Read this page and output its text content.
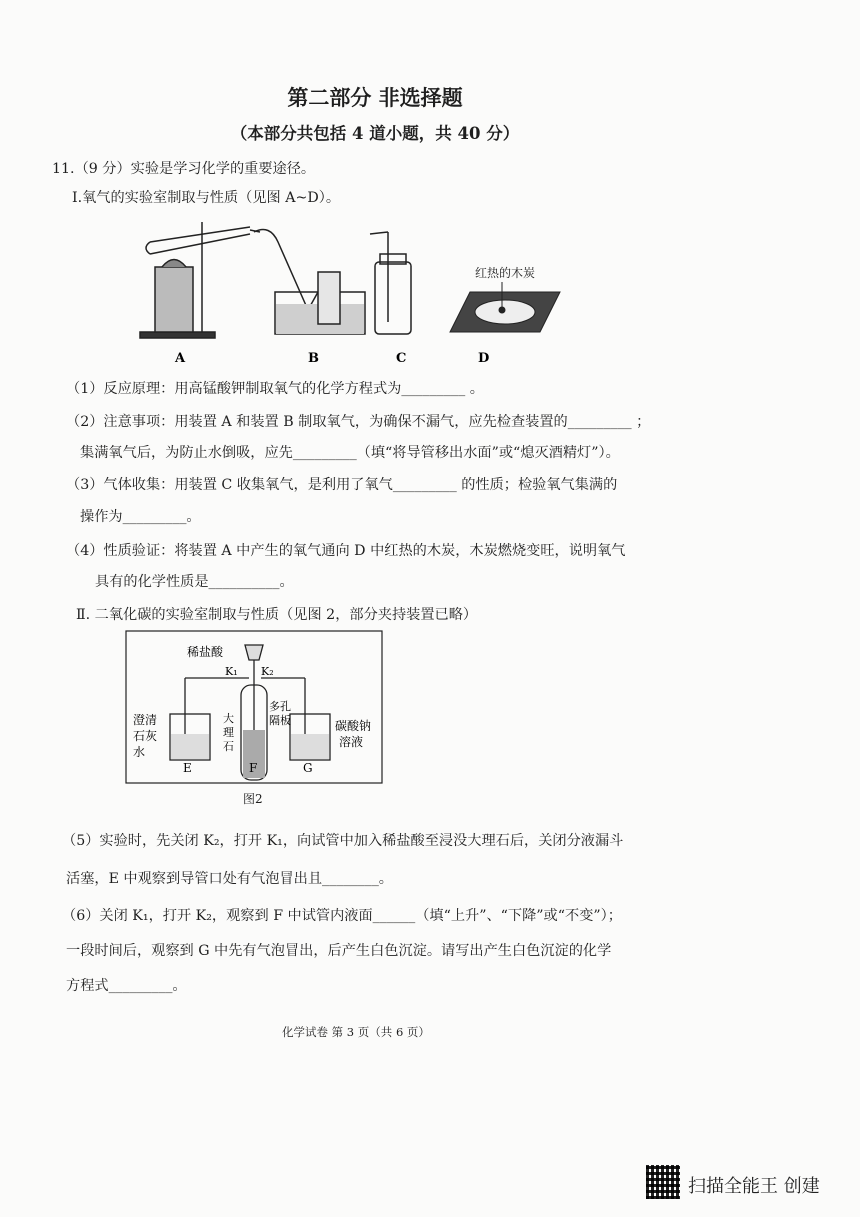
第二部分 非选择题
（本部分共包括 4 道小题，共 40 分）
11.（9 分）实验是学习化学的重要途径。
Ⅰ.氧气的实验室制取与性质（见图 A~D）。
红热的木炭
A	B	C	D
（1）反应原理：用高锰酸钾制取氧气的化学方程式为_________ 。
（2）注意事项：用装置 A 和装置 B 制取氧气，为确保不漏气，应先检查装置的_________ ；
集满氧气后，为防止水倒吸，应先_________（填“将导管移出水面”或“熄灭酒精灯”）。
（3）气体收集：用装置 C 收集氧气，是利用了氧气_________ 的性质；检验氧气集满的
操作为_________。
（4）性质验证：将装置 A 中产生的氧气通向 D 中红热的木炭，木炭燃烧变旺，说明氧气
具有的化学性质是__________。
Ⅱ. 二氧化碳的实验室制取与性质（见图 2，部分夹持装置已略）
稀盐酸
K₁ K₂
多孔
隔板
大
理
石
澄清
石灰
水
碳酸钠
溶液
E	F	G
图2
（5）实验时，先关闭 K₂，打开 K₁，向试管中加入稀盐酸至浸没大理石后，关闭分液漏斗
活塞，E 中观察到导管口处有气泡冒出且________。
（6）关闭 K₁，打开 K₂，观察到 F 中试管内液面______（填“上升”、“下降”或“不变”）；
一段时间后，观察到 G 中先有气泡冒出，后产生白色沉淀。请写出产生白色沉淀的化学
方程式_________。
化学试卷 第 3 页（共 6 页）
扫描全能王 创建
